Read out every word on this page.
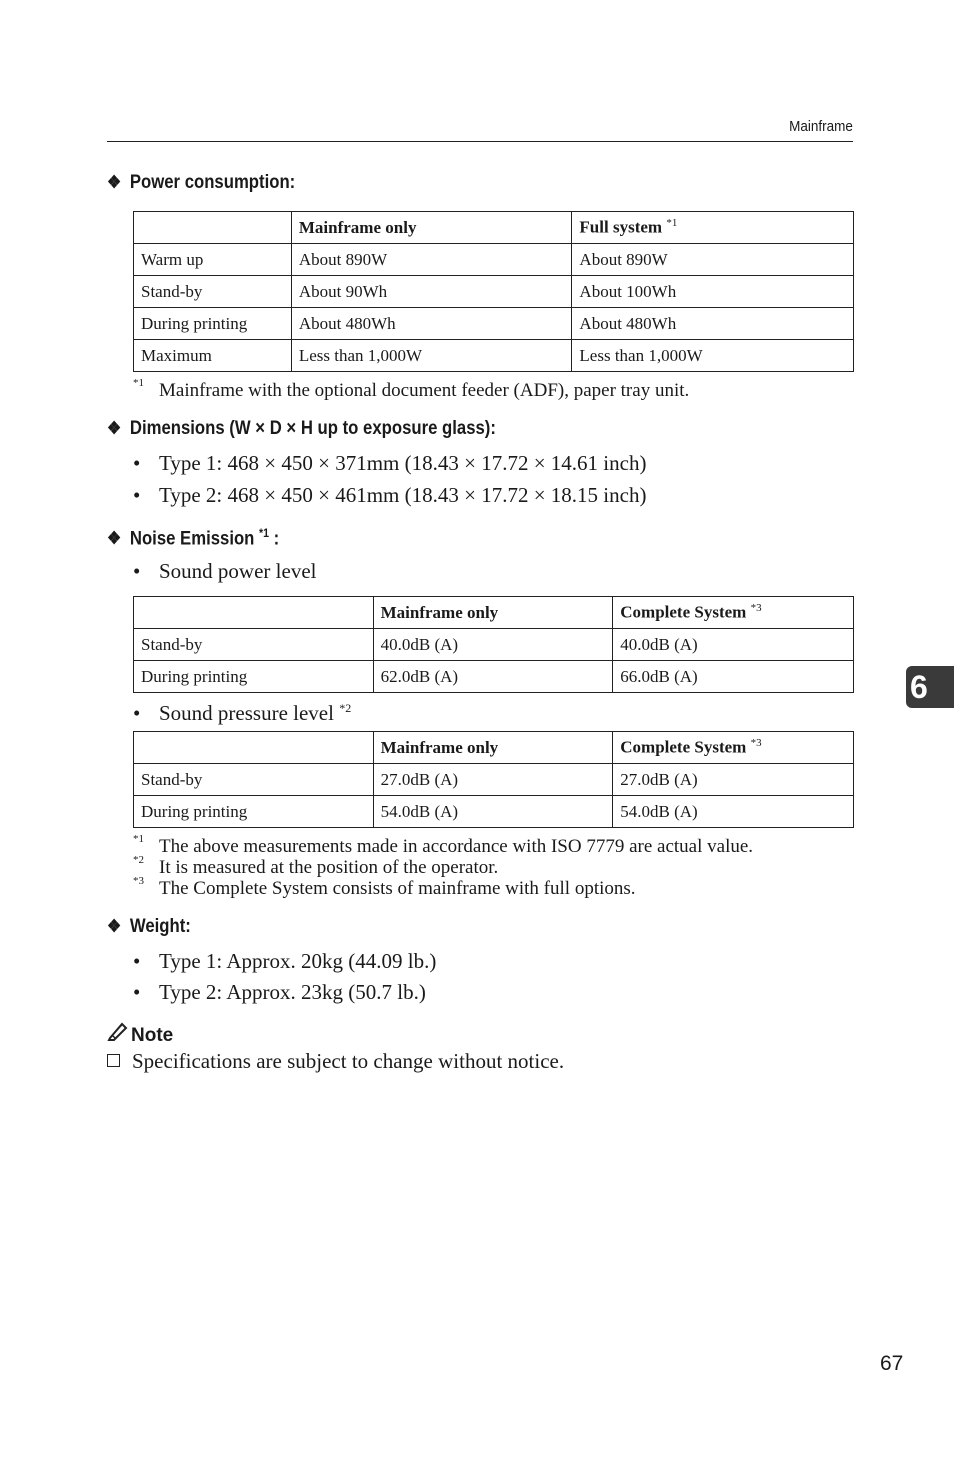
Mainframe
❖ Power consumption:
	Mainframe only	Full system $^{*1}$
Warm up	About 890W	About 890W
Stand-by	About 90Wh	About 100Wh
During printing	About 480Wh	About 480Wh
Maximum	Less than 1,000W	Less than 1,000W
*1 Mainframe with the optional document feeder (ADF), paper tray unit.
❖ Dimensions (W × D × H up to exposure glass):
• Type 1: 468 × 450 × 371mm (18.43 × 17.72 × 14.61 inch)
• Type 2: 468 × 450 × 461mm (18.43 × 17.72 × 18.15 inch)
❖ Noise Emission $^{*1}$ :
• Sound power level
	Mainframe only	Complete System $^{*3}$
Stand-by	40.0dB (A)	40.0dB (A)
During printing	62.0dB (A)	66.0dB (A)
• Sound pressure level $^{*2}$
	Mainframe only	Complete System $^{*3}$
Stand-by	27.0dB (A)	27.0dB (A)
During printing	54.0dB (A)	54.0dB (A)
*1 The above measurements made in accordance with ISO 7779 are actual value.
*2 It is measured at the position of the operator.
*3 The Complete System consists of mainframe with full options.
❖ Weight:
• Type 1: Approx. 20kg (44.09 lb.)
• Type 2: Approx. 23kg (50.7 lb.)
Note
Specifications are subject to change without notice.
6
67
